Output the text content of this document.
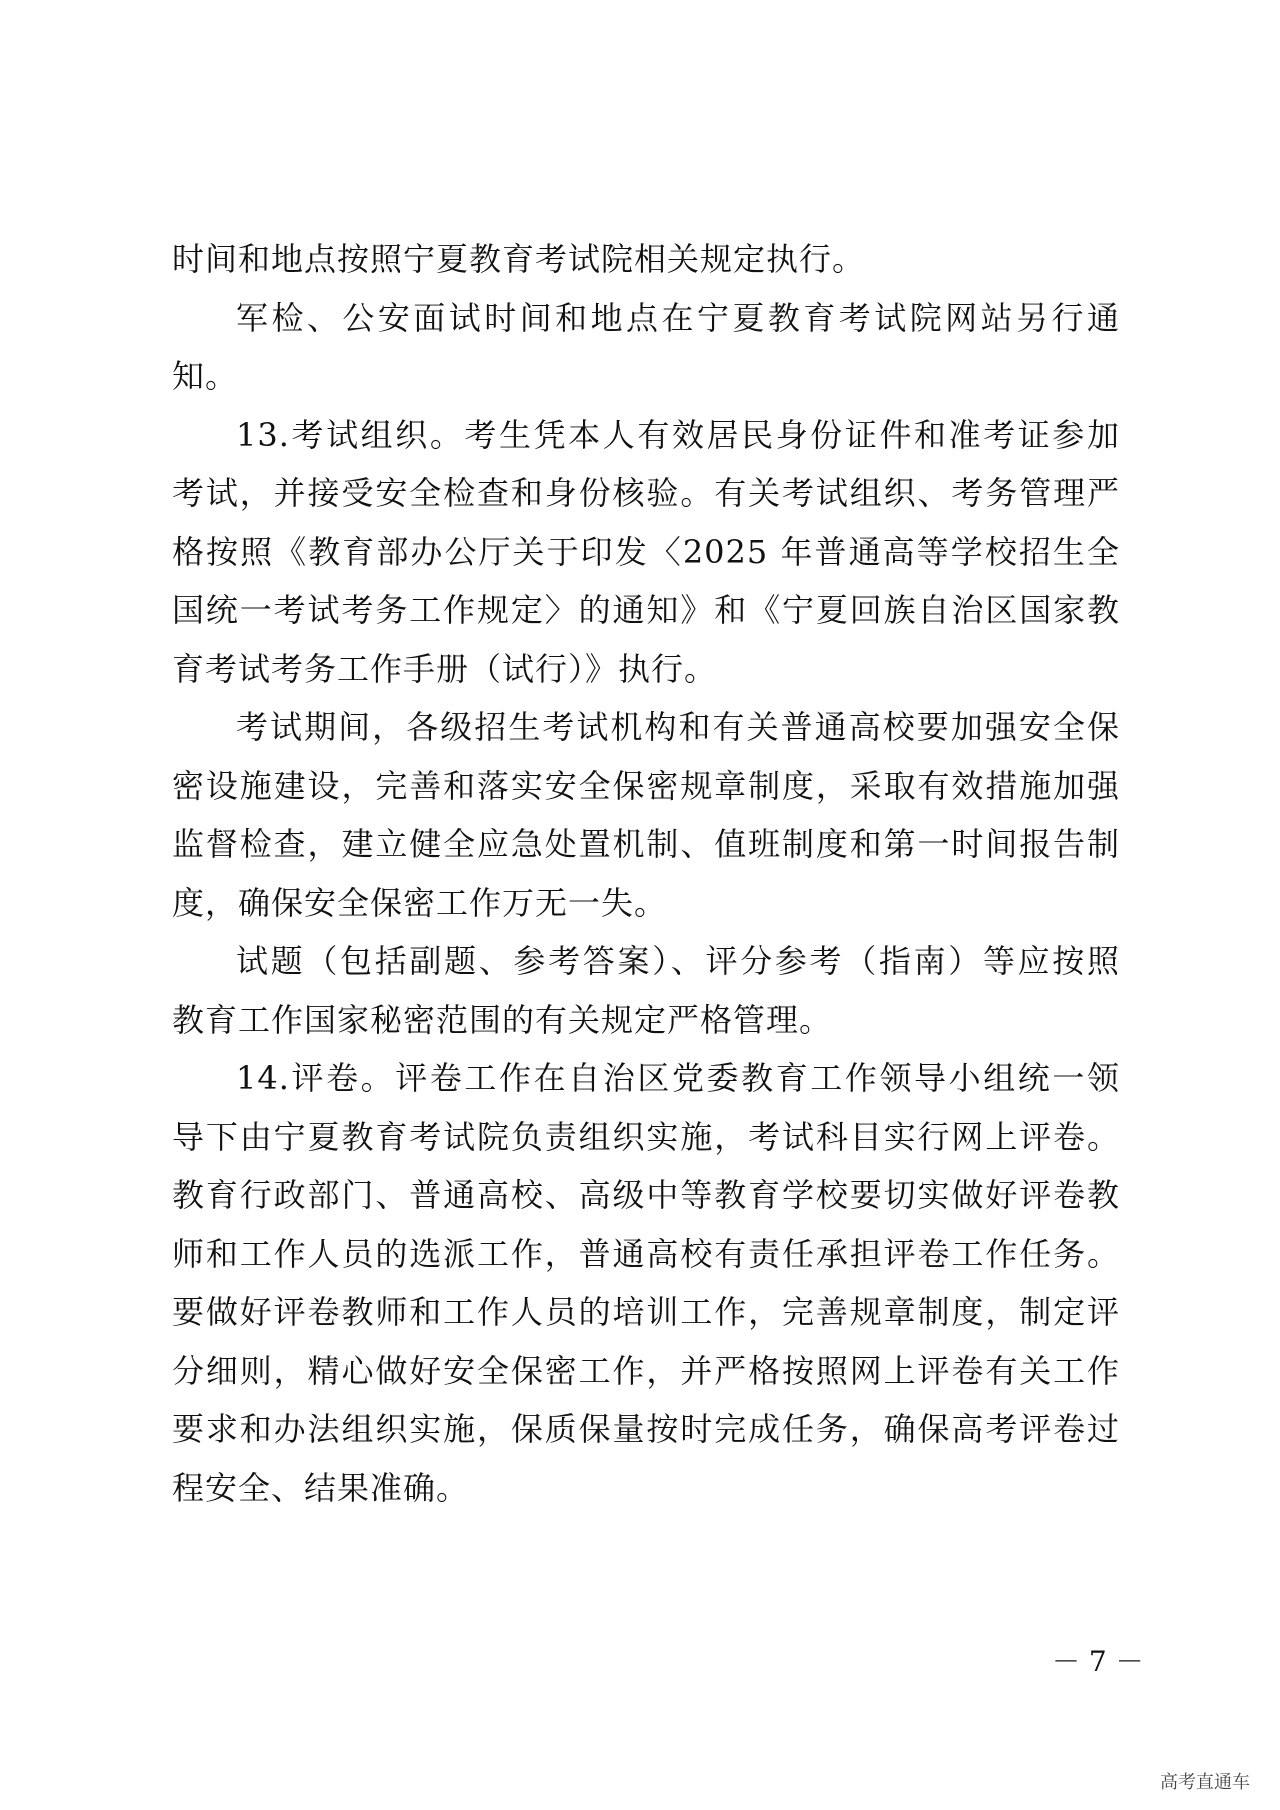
时间和地点按照宁夏教育考试院相关规定执行。
军检、公安面试时间和地点在宁夏教育考试院网站另行通
知。
13.考试组织。考生凭本人有效居民身份证件和准考证参加
考试，并接受安全检查和身份核验。有关考试组织、考务管理严
格按照《教育部办公厅关于印发〈2025 年普通高等学校招生全
国统一考试考务工作规定〉的通知》和《宁夏回族自治区国家教
育考试考务工作手册（试行）》执行。
考试期间，各级招生考试机构和有关普通高校要加强安全保
密设施建设，完善和落实安全保密规章制度，采取有效措施加强
监督检查，建立健全应急处置机制、值班制度和第一时间报告制
度，确保安全保密工作万无一失。
试题（包括副题、参考答案）、评分参考（指南）等应按照
教育工作国家秘密范围的有关规定严格管理。
14.评卷。评卷工作在自治区党委教育工作领导小组统一领
导下由宁夏教育考试院负责组织实施，考试科目实行网上评卷。
教育行政部门、普通高校、高级中等教育学校要切实做好评卷教
师和工作人员的选派工作，普通高校有责任承担评卷工作任务。
要做好评卷教师和工作人员的培训工作，完善规章制度，制定评
分细则，精心做好安全保密工作，并严格按照网上评卷有关工作
要求和办法组织实施，保质保量按时完成任务，确保高考评卷过
程安全、结果准确。
－ 7 －
高考直通车
